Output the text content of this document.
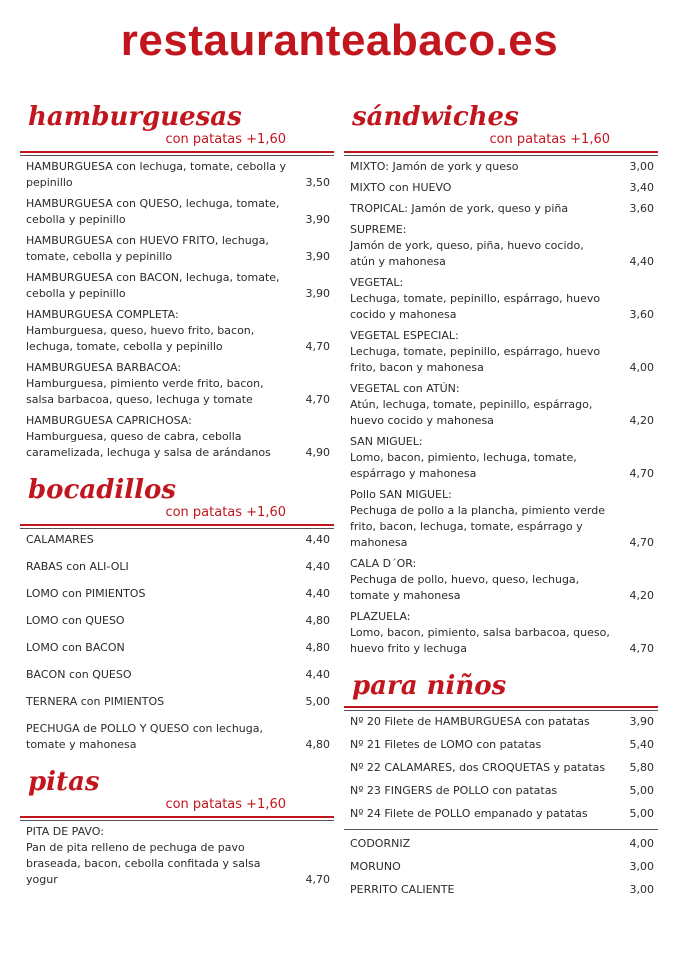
restauranteabaco.es
hamburguesas
con patatas +1,60
HAMBURGUESA con lechuga, tomate, cebolla y pepinillo	3,50
HAMBURGUESA con QUESO, lechuga, tomate, cebolla y pepinillo	3,90
HAMBURGUESA con HUEVO FRITO, lechuga, tomate, cebolla y pepinillo	3,90
HAMBURGUESA con BACON, lechuga, tomate, cebolla y pepinillo	3,90
HAMBURGUESA COMPLETA:
Hamburguesa, queso, huevo frito, bacon, lechuga, tomate, cebolla y pepinillo	4,70
HAMBURGUESA BARBACOA:
Hamburguesa, pimiento verde frito, bacon, salsa barbacoa, queso, lechuga y tomate	4,70
HAMBURGUESA CAPRICHOSA:
Hamburguesa, queso de cabra, cebolla caramelizada, lechuga y salsa de arándanos	4,90
bocadillos
con patatas +1,60
CALAMARES	4,40
RABAS con ALI-OLI	4,40
LOMO con PIMIENTOS	4,40
LOMO con QUESO	4,80
LOMO con BACON	4,80
BACON con QUESO	4,40
TERNERA con PIMIENTOS	5,00
PECHUGA de POLLO Y QUESO con lechuga, tomate y mahonesa	4,80
pitas
con patatas +1,60
PITA DE PAVO:
Pan de pita relleno de pechuga de pavo braseada, bacon, cebolla confitada y salsa yogur	4,70
sándwiches
con patatas +1,60
MIXTO: Jamón de york y queso	3,00
MIXTO con HUEVO	3,40
TROPICAL: Jamón de york, queso y piña	3,60
SUPREME:
Jamón de york, queso, piña, huevo cocido, atún y mahonesa	4,40
VEGETAL:
Lechuga, tomate, pepinillo, espárrago, huevo cocido y mahonesa	3,60
VEGETAL ESPECIAL:
Lechuga, tomate, pepinillo, espárrago, huevo frito, bacon y mahonesa	4,00
VEGETAL con ATÚN:
Atún, lechuga, tomate, pepinillo, espárrago, huevo cocido y mahonesa	4,20
SAN MIGUEL:
Lomo, bacon, pimiento, lechuga, tomate, espárrago y mahonesa	4,70
Pollo SAN MIGUEL:
Pechuga de pollo a la plancha, pimiento verde frito, bacon, lechuga, tomate, espárrago y mahonesa	4,70
CALA D´OR:
Pechuga de pollo, huevo, queso, lechuga, tomate y mahonesa	4,20
PLAZUELA:
Lomo, bacon, pimiento, salsa barbacoa, queso, huevo frito y lechuga	4,70
para niños
Nº 20 Filete de HAMBURGUESA con patatas	3,90
Nº 21 Filetes de LOMO con patatas	5,40
Nº 22 CALAMARES, dos CROQUETAS y patatas	5,80
Nº 23 FINGERS de POLLO con patatas	5,00
Nº 24 Filete de POLLO empanado y patatas	5,00
CODORNIZ	4,00
MORUNO	3,00
PERRITO CALIENTE	3,00
